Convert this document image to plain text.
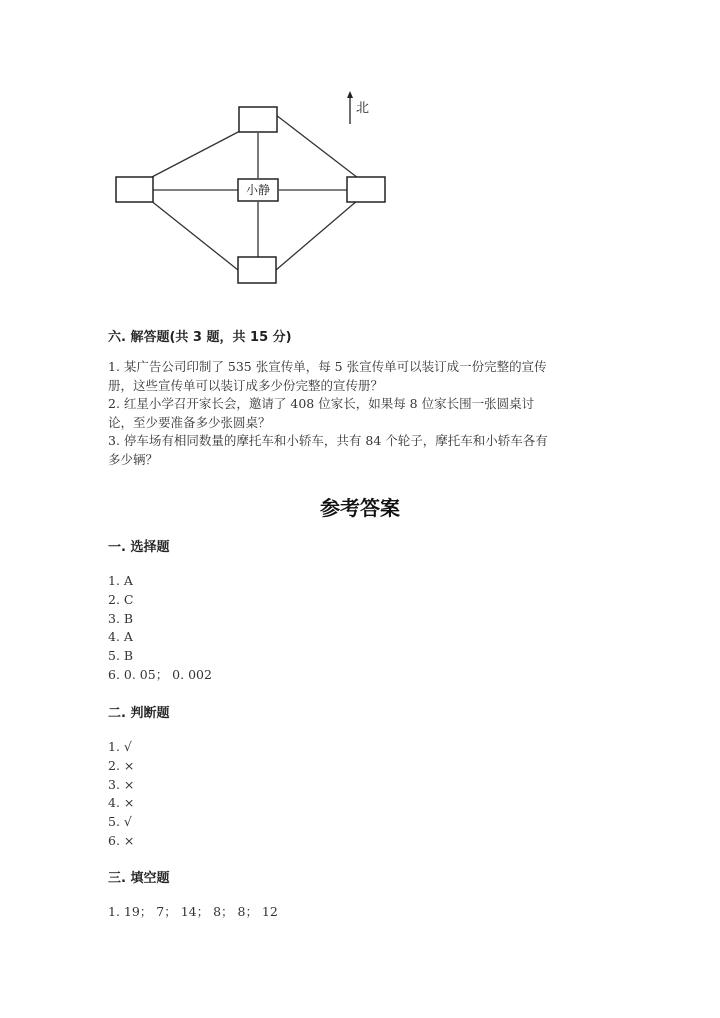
北
小静
六. 解答题(共 3 题，共 15 分)
1. 某广告公司印制了 535 张宣传单，每 5 张宣传单可以装订成一份完整的宣传
册，这些宣传单可以装订成多少份完整的宣传册？
2. 红星小学召开家长会，邀请了 408 位家长，如果每 8 位家长围一张圆桌讨
论，至少要准备多少张圆桌？
3. 停车场有相同数量的摩托车和小轿车，共有 84 个轮子，摩托车和小轿车各有
多少辆？
参考答案
一. 选择题
1. A
2. C
3. B
4. A
5. B
6. 0. 05； 0. 002
二. 判断题
1. √
2. ×
3. ×
4. ×
5. √
6. ×
三. 填空题
1. 19； 7； 14； 8； 8； 12
